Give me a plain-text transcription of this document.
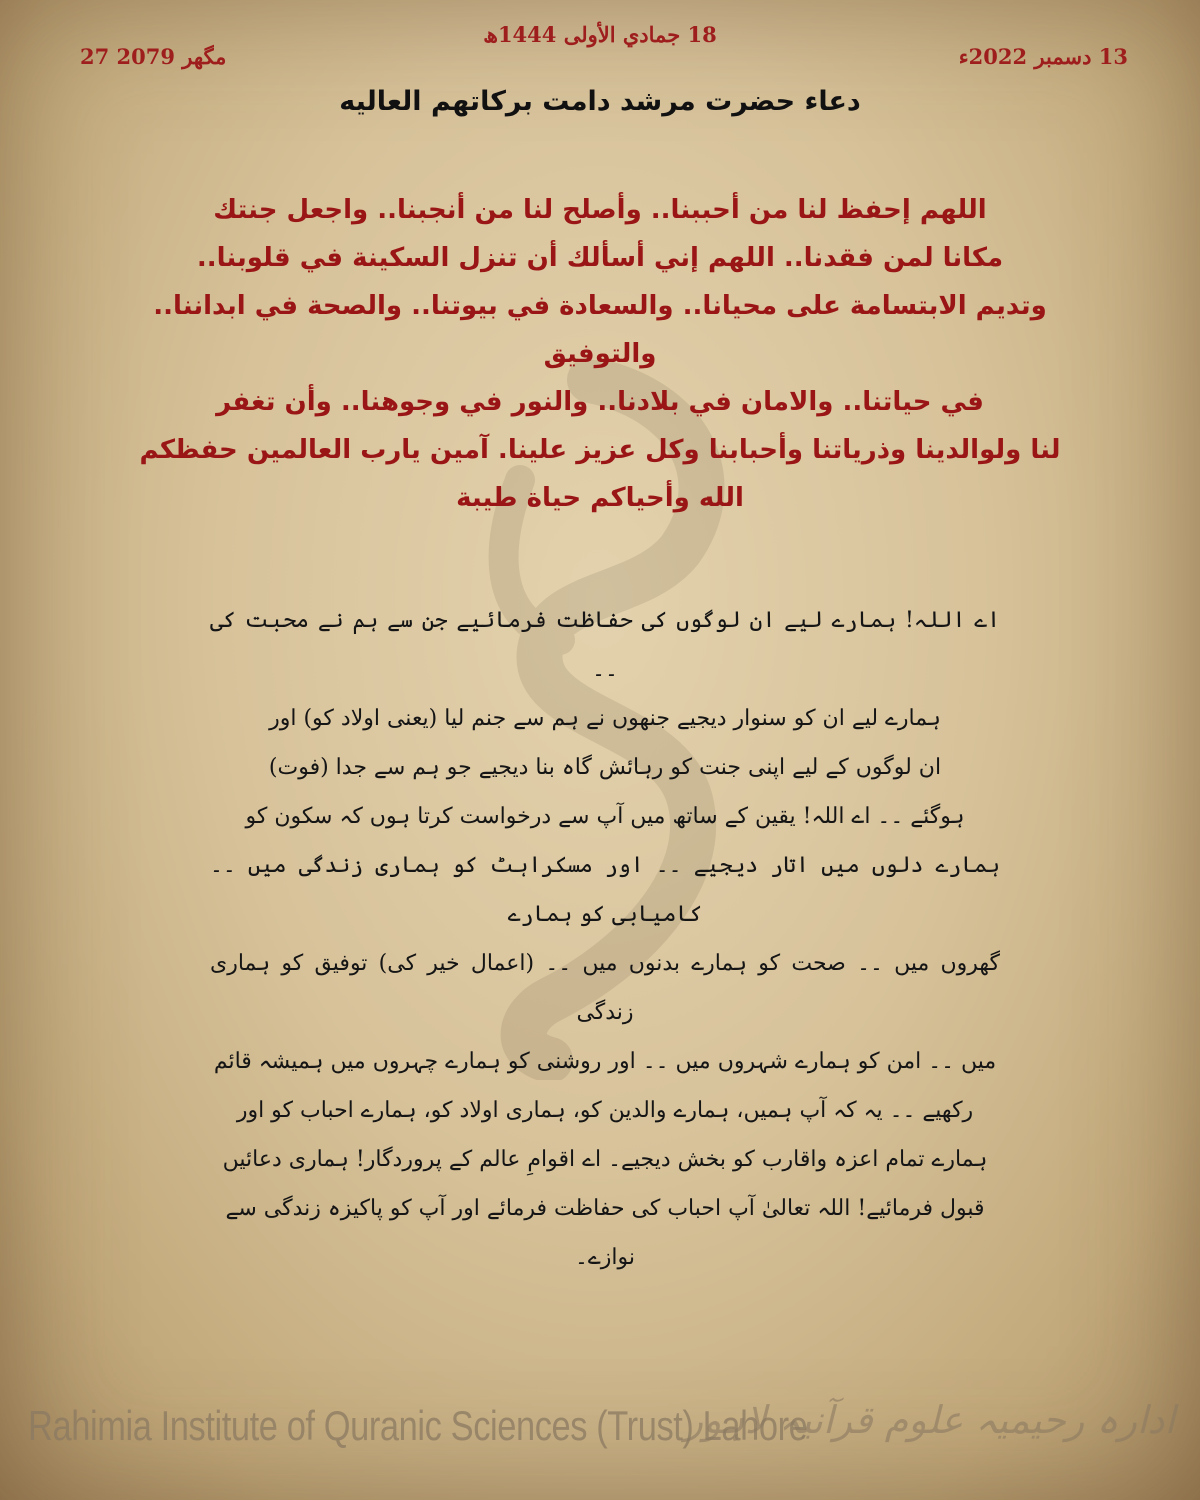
27 مگھر 2079
18 جمادي الأولى 1444ھ
13 دسمبر 2022ء
دعاء حضرت مرشد دامت برکاتهم العالیه
اللهم إحفظ لنا من أحببنا.. وأصلح لنا من أنجبنا.. واجعل جنتك
مكانا لمن فقدنا.. اللهم إني أسألك أن تنزل السكينة في قلوبنا..
وتديم الابتسامة على محيانا.. والسعادة في بيوتنا.. والصحة في ابداننا.. والتوفيق
في حياتنا.. والامان في بلادنا.. والنور في وجوهنا.. وأن تغفر
لنا ولوالدينا وذرياتنا وأحبابنا وكل عزيز علينا. آمين يارب العالمين حفظكم
الله وأحياكم حياة طيبة
اے اللہ! ہمارے لیے ان لوگوں کی حفاظت فرمائیے جن سے ہم نے محبت کی ۔۔
ہمارے لیے ان کو سنوار دیجیے جنھوں نے ہم سے جنم لیا (یعنی اولاد کو) اور
ان لوگوں کے لیے اپنی جنت کو رہائش گاہ بنا دیجیے جو ہم سے جدا (فوت)
ہوگئے ۔۔ اے اللہ! یقین کے ساتھ میں آپ سے درخواست کرتا ہوں کہ سکون کو
ہمارے دلوں میں اتار دیجیے ۔۔ اور مسکراہٹ کو ہماری زندگی میں ۔۔ کامیابی کو ہمارے
گھروں میں ۔۔ صحت کو ہمارے بدنوں میں ۔۔ (اعمال خیر کی) توفیق کو ہماری زندگی
میں ۔۔ امن کو ہمارے شہروں میں ۔۔ اور روشنی کو ہمارے چہروں میں ہمیشہ قائم
رکھیے ۔۔ یہ کہ آپ ہمیں، ہمارے والدین کو، ہماری اولاد کو، ہمارے احباب کو اور
ہمارے تمام اعزہ واقارب کو بخش دیجیے۔ اے اقوامِ عالم کے پروردگار! ہماری دعائیں
قبول فرمائیے! اللہ تعالیٰ آپ احباب کی حفاظت فرمائے اور آپ کو پاکیزہ زندگی سے
نوازے۔
Rahimia Institute of Quranic Sciences (Trust) Lahore
ادارہ رحیمیہ علوم قرآنیہ لاہور
